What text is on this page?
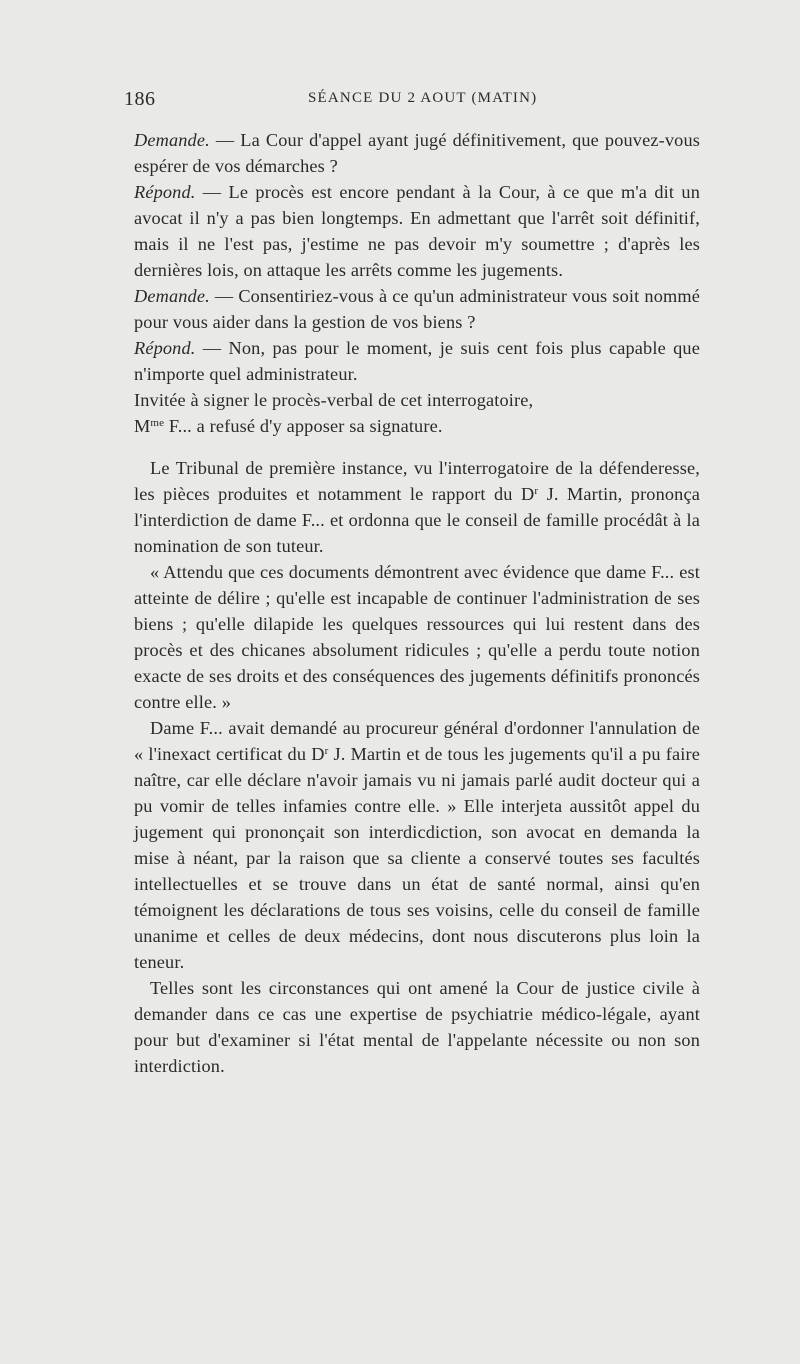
186	SÉANCE DU 2 AOUT (MATIN)

Demande. — La Cour d'appel ayant jugé définitivement, que pouvez-vous espérer de vos démarches ?

Répond. — Le procès est encore pendant à la Cour, à ce que m'a dit un avocat il n'y a pas bien longtemps. En admettant que l'arrêt soit définitif, mais il ne l'est pas, j'estime ne pas devoir m'y soumettre ; d'après les dernières lois, on attaque les arrêts comme les jugements.

Demande. — Consentiriez-vous à ce qu'un administrateur vous soit nommé pour vous aider dans la gestion de vos biens ?

Répond. — Non, pas pour le moment, je suis cent fois plus capable que n'importe quel administrateur.

Invitée à signer le procès-verbal de cet interrogatoire,
$M^{me}$ F... a refusé d'y apposer sa signature.

Le Tribunal de première instance, vu l'interrogatoire de la défenderesse, les pièces produites et notamment le rapport du $D^r$ J. Martin, prononça l'interdiction de dame F... et ordonna que le conseil de famille procédât à la nomination de son tuteur.

« Attendu que ces documents démontrent avec évidence que dame F... est atteinte de délire ; qu'elle est incapable de continuer l'administration de ses biens ; qu'elle dilapide les quelques ressources qui lui restent dans des procès et des chicanes absolument ridicules ; qu'elle a perdu toute notion exacte de ses droits et des conséquences des jugements définitifs prononcés contre elle. »

Dame F... avait demandé au procureur général d'ordonner l'annulation de « l'inexact certificat du $D^r$ J. Martin et de tous les jugements qu'il a pu faire naître, car elle déclare n'avoir jamais vu ni jamais parlé audit docteur qui a pu vomir de telles infamies contre elle. » Elle interjeta aussitôt appel du jugement qui prononçait son interdicdiction, son avocat en demanda la mise à néant, par la raison que sa cliente a conservé toutes ses facultés intellectuelles et se trouve dans un état de santé normal, ainsi qu'en témoignent les déclarations de tous ses voisins, celle du conseil de famille unanime et celles de deux médecins, dont nous discuterons plus loin la teneur.

Telles sont les circonstances qui ont amené la Cour de justice civile à demander dans ce cas une expertise de psychiatrie médico-légale, ayant pour but d'examiner si l'état mental de l'appelante nécessite ou non son interdiction.
